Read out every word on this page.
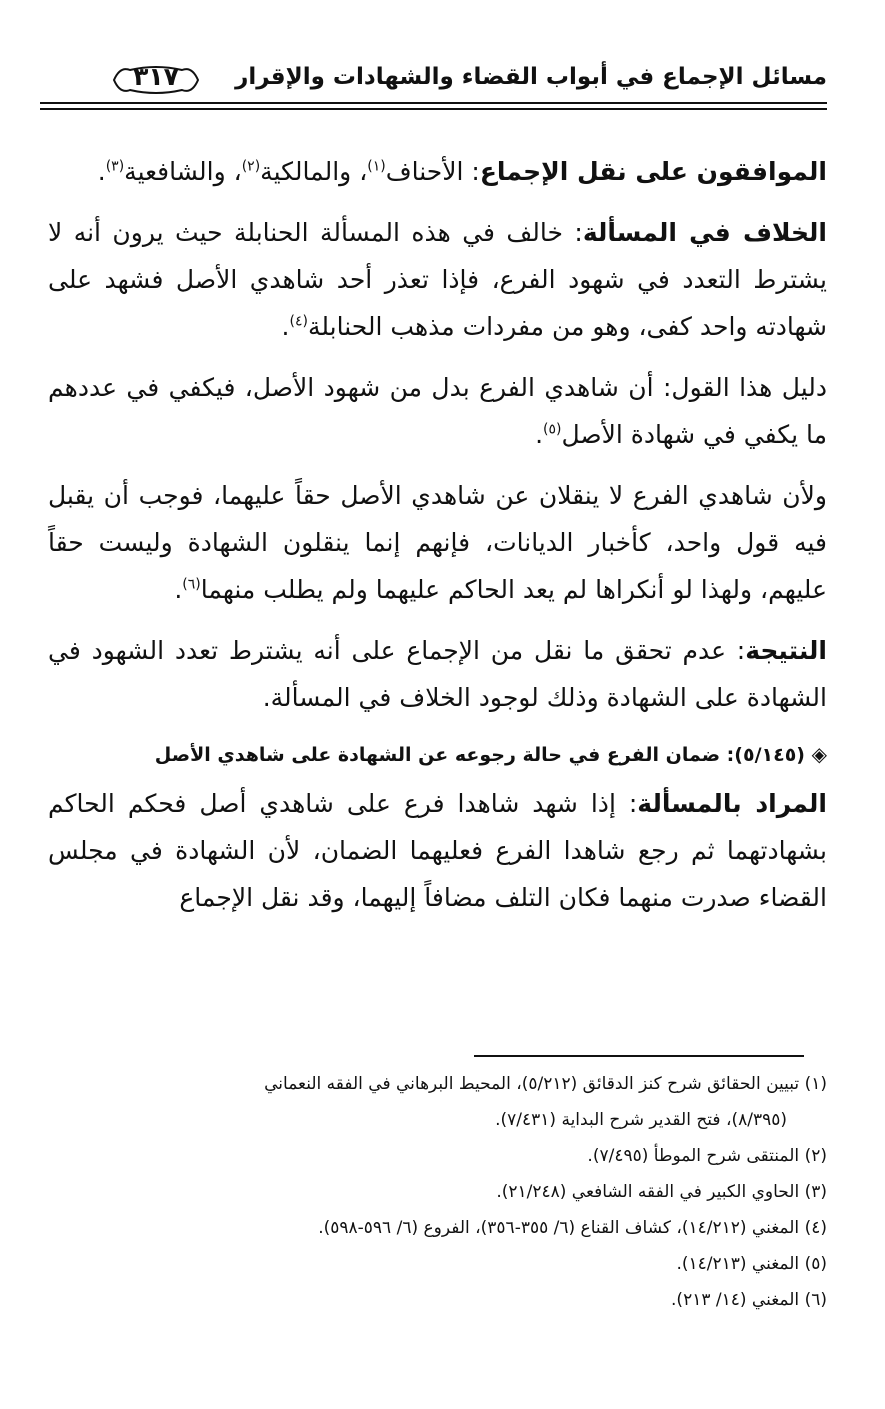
مسائل الإجماع في أبواب القضاء والشهادات والإقرار
٣١٧

الموافقون على نقل الإجماع: الأحناف$^{(١)}$، والمالكية$^{(٢)}$، والشافعية$^{(٣)}$.

الخلاف في المسألة: خالف في هذه المسألة الحنابلة حيث يرون أنه لا يشترط التعدد في شهود الفرع، فإذا تعذر أحد شاهدي الأصل فشهد على شهادته واحد كفى، وهو من مفردات مذهب الحنابلة$^{(٤)}$.

دليل هذا القول: أن شاهدي الفرع بدل من شهود الأصل، فيكفي في عددهم ما يكفي في شهادة الأصل$^{(٥)}$.

ولأن شاهدي الفرع لا ينقلان عن شاهدي الأصل حقاً عليهما، فوجب أن يقبل فيه قول واحد، كأخبار الديانات، فإنهم إنما ينقلون الشهادة وليست حقاً عليهم، ولهذا لو أنكراها لم يعد الحاكم عليهما ولم يطلب منهما$^{(٦)}$.

النتيجة: عدم تحقق ما نقل من الإجماع على أنه يشترط تعدد الشهود في الشهادة على الشهادة وذلك لوجود الخلاف في المسألة.

◈ (٥/١٤٥): ضمان الفرع في حالة رجوعه عن الشهادة على شاهدي الأصل

المراد بالمسألة: إذا شهد شاهدا فرع على شاهدي أصل فحكم الحاكم بشهادتهما ثم رجع شاهدا الفرع فعليهما الضمان، لأن الشهادة في مجلس القضاء صدرت منهما فكان التلف مضافاً إليهما، وقد نقل الإجماع

(١) تبيين الحقائق شرح كنز الدقائق (٥/٢١٢)، المحيط البرهاني في الفقه النعماني

(٨/٣٩٥)، فتح القدير شرح البداية (٧/٤٣١).

(٢) المنتقى شرح الموطأ (٧/٤٩٥).

(٣) الحاوي الكبير في الفقه الشافعي (٢١/٢٤٨).

(٤) المغني (١٤/٢١٢)، كشاف القناع (٦/ ٣٥٥-٣٥٦)، الفروع (٦/ ٥٩٦-٥٩٨).

(٥) المغني (١٤/٢١٣).

(٦) المغني (١٤/ ٢١٣).
